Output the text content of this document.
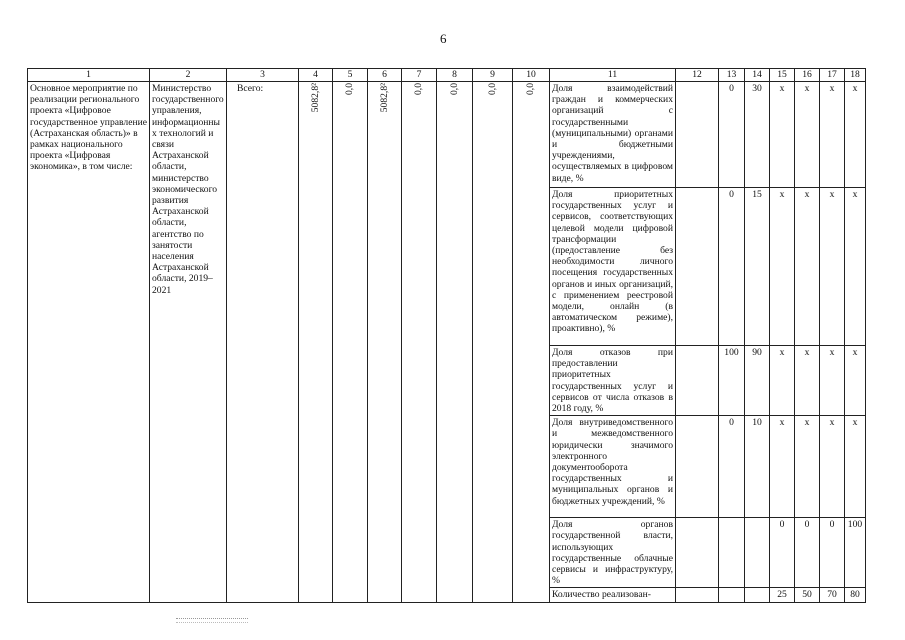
6
1	2	3	4	5	6	7	8	9	10	11	12	13	14	15	16	17	18
Основное мероприятие по реализации регионального проекта «Цифровое государственное управление (Астраханская область)» в рамках национального проекта «Цифровая экономика», в том числе:	Министерство государственного управления, информационных технологий и связи Астраханской области, министерство экономического развития Астраханской области, агентство по занятости населения Астраханской области, 2019–2021	Всего:	5082,8²	0,0	5082,8²	0,0	0,0	0,0	0,0	Доля взаимодействий граждан и коммерческих организаций с государственными (муниципальными) органами и бюджетными учреждениями, осуществляемых в цифровом виде, %		0	30	x	x	x	x
										Доля приоритетных государственных услуг и сервисов, соответствующих целевой модели цифровой трансформации (предоставление без необходимости личного посещения государственных органов и иных организаций, с применением реестровой модели, онлайн (в автоматическом режиме), проактивно), %		0	15	x	x	x	x
										Доля отказов при предоставлении приоритетных государственных услуг и сервисов от числа отказов в 2018 году, %		100	90	x	x	x	x
										Доля внутриведомственного и межведомственного юридически значимого электронного документооборота государственных и муниципальных органов и бюджетных учреждений, %		0	10	x	x	x	x
										Доля органов государственной власти, использующих государственные облачные сервисы и инфраструктуру, %				0	0	0	100
										Количество реализован-				25	50	70	80
